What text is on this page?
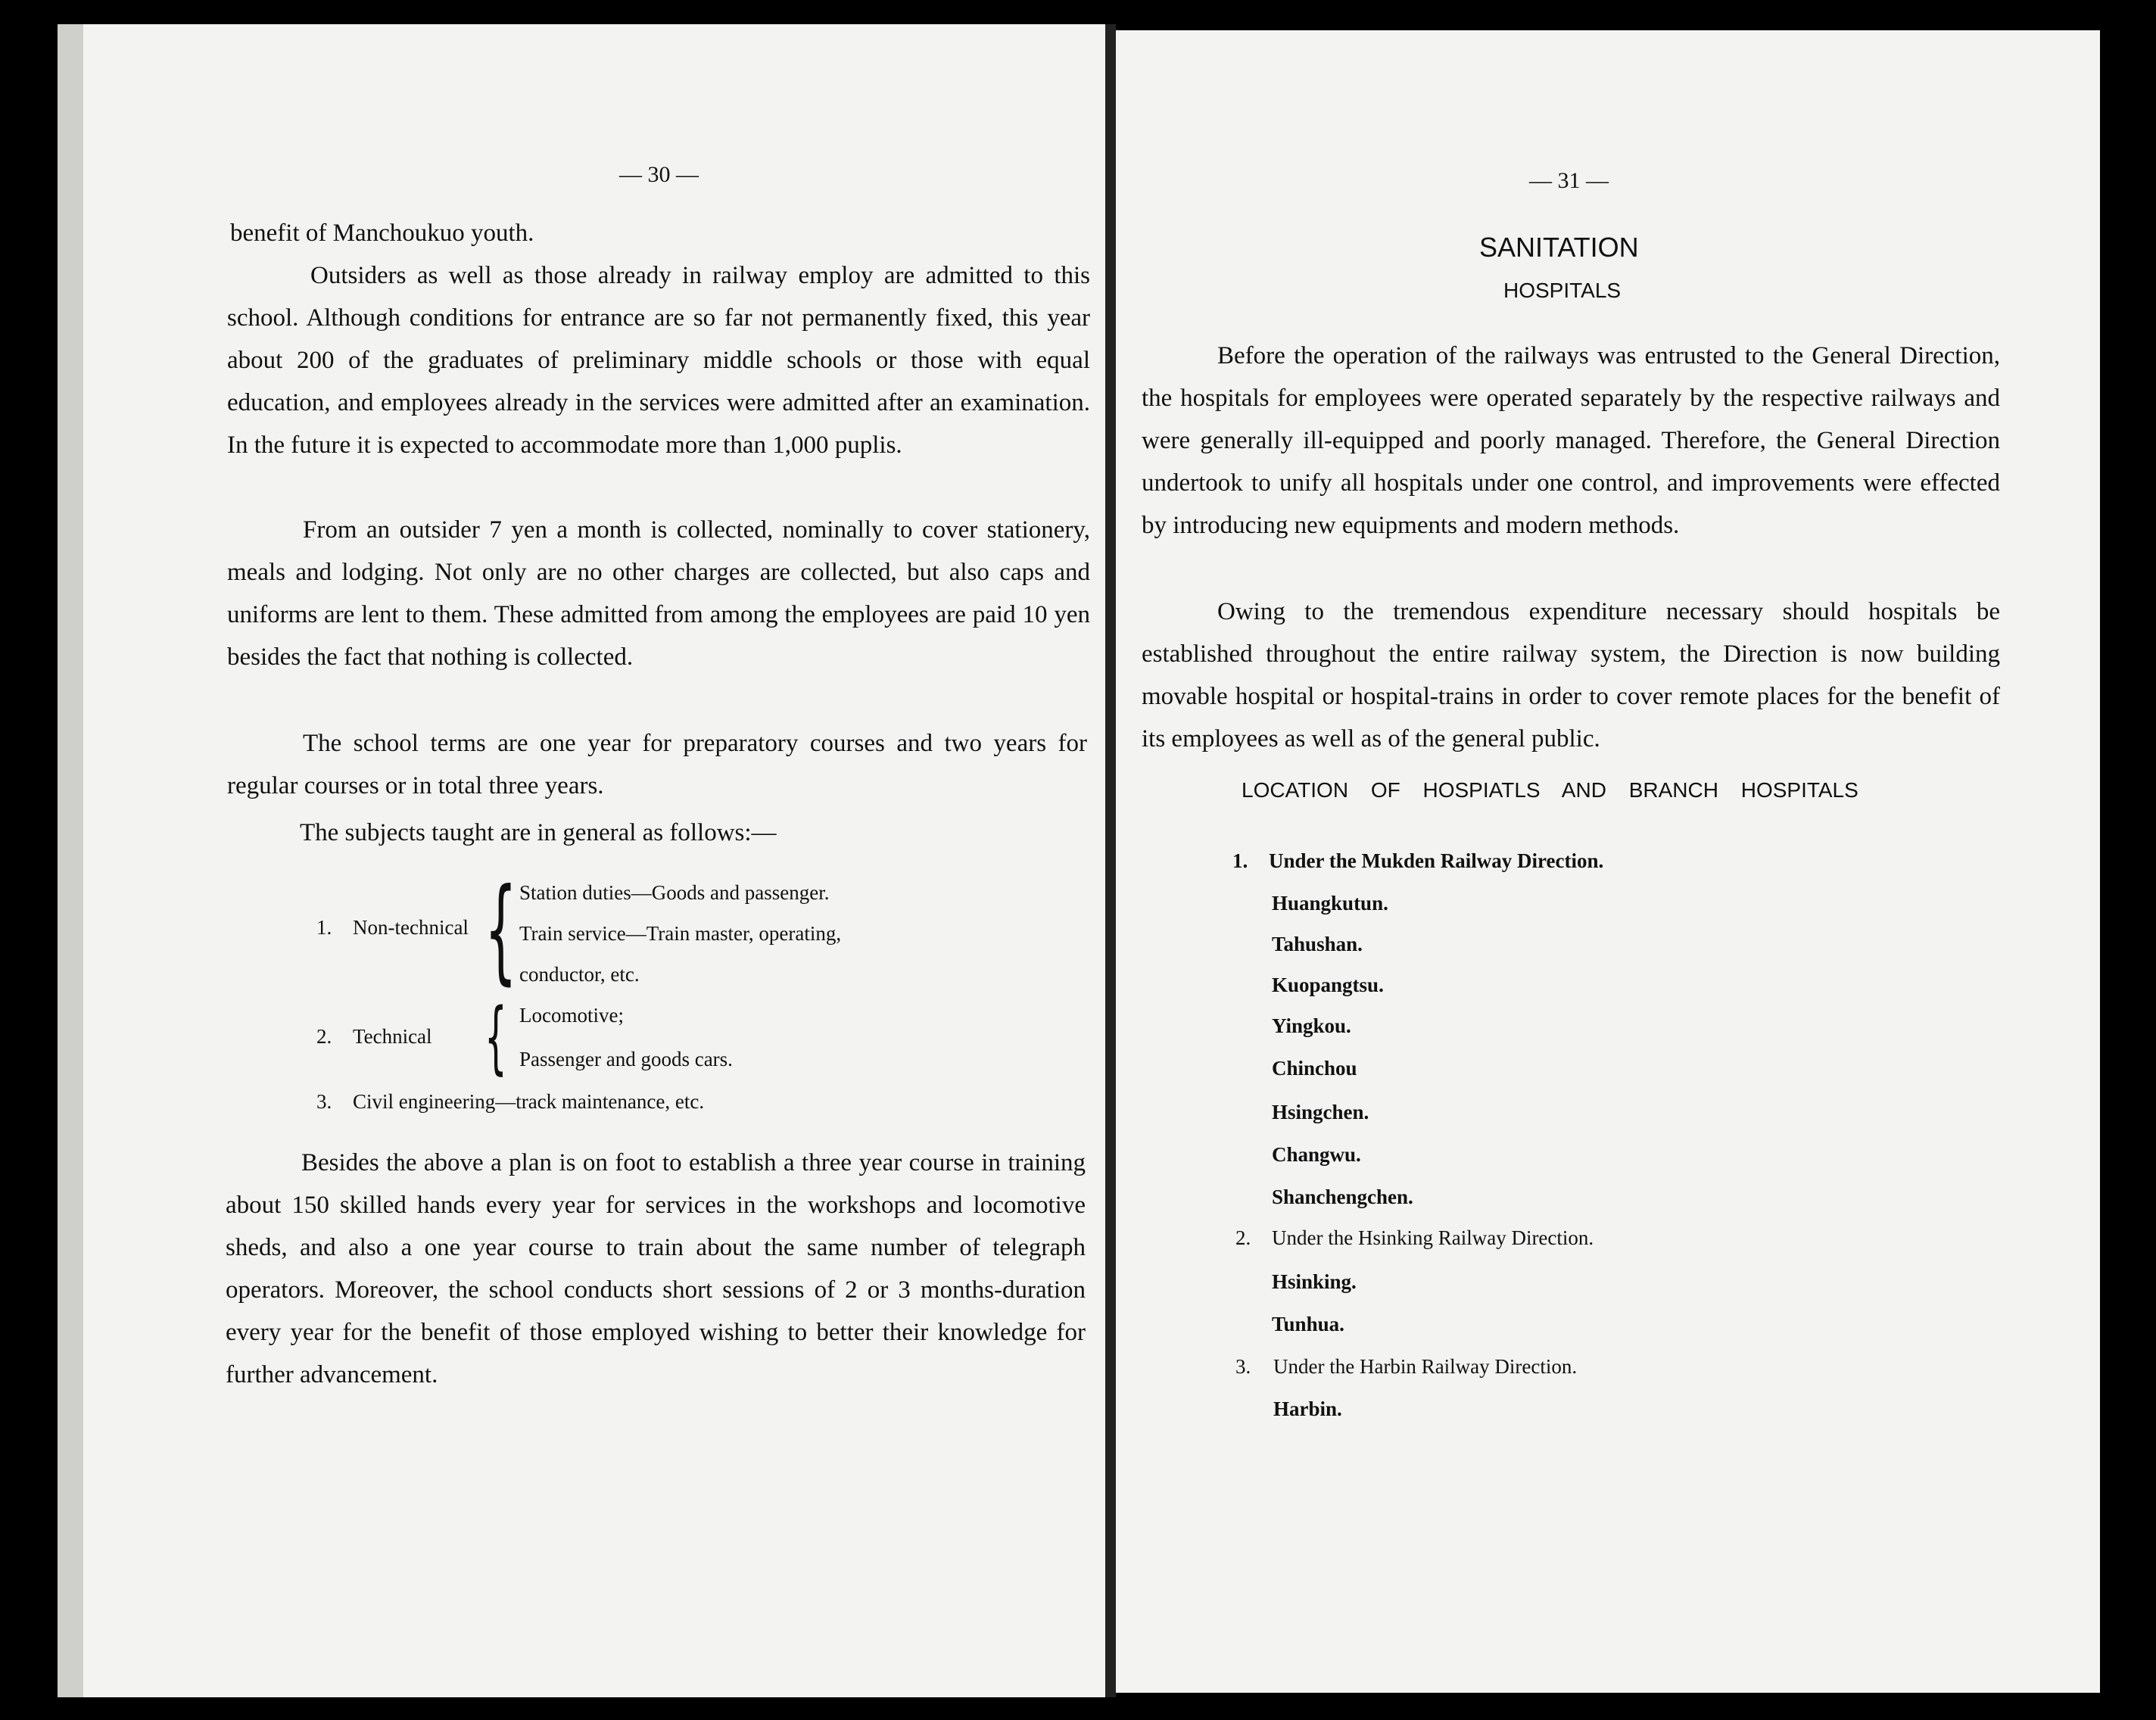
— 30 —

benefit of Manchoukuo youth.

Outsiders as well as those already in railway employ are admitted to this school. Although conditions for entrance are so far not permanently fixed, this year about 200 of the graduates of preliminary middle schools or those with equal education, and employees already in the services were admitted after an examination. In the future it is expected to accommodate more than 1,000 puplis.

From an outsider 7 yen a month is collected, nominally to cover stationery, meals and lodging. Not only are no other charges are collected, but also caps and uniforms are lent to them. These admitted from among the employees are paid 10 yen besides the fact that nothing is collected.

The school terms are one year for preparatory courses and two years for regular courses or in total three years.

The subjects taught are in general as follows:—

1. Non-technical { Station duties—Goods and passenger.
Train service—Train master, operating,
conductor, etc.
2. Technical { Locomotive;
Passenger and goods cars.
3. Civil engineering—track maintenance, etc.

Besides the above a plan is on foot to establish a three year course in training about 150 skilled hands every year for services in the workshops and locomotive sheds, and also a one year course to train about the same number of telegraph operators. Moreover, the school conducts short sessions of 2 or 3 months-duration every year for the benefit of those employed wishing to better their knowledge for further advancement.

— 31 —
SANITATION
HOSPITALS

Before the operation of the railways was entrusted to the General Direction, the hospitals for employees were operated separately by the respective railways and were generally ill-equipped and poorly managed. Therefore, the General Direction undertook to unify all hospitals under one control, and improvements were effected by introducing new equipments and modern methods.

Owing to the tremendous expenditure necessary should hospitals be established throughout the entire railway system, the Direction is now building movable hospital or hospital-trains in order to cover remote places for the benefit of its employees as well as of the general public.

LOCATION OF HOSPIATLS AND BRANCH HOSPITALS
1. Under the Mukden Railway Direction.
Huangkutun.
Tahushan.
Kuopangtsu.
Yingkou.
Chinchou
Hsingchen.
Changwu.
Shanchengchen.
2. Under the Hsinking Railway Direction.
Hsinking.
Tunhua.
3. Under the Harbin Railway Direction.
Harbin.
